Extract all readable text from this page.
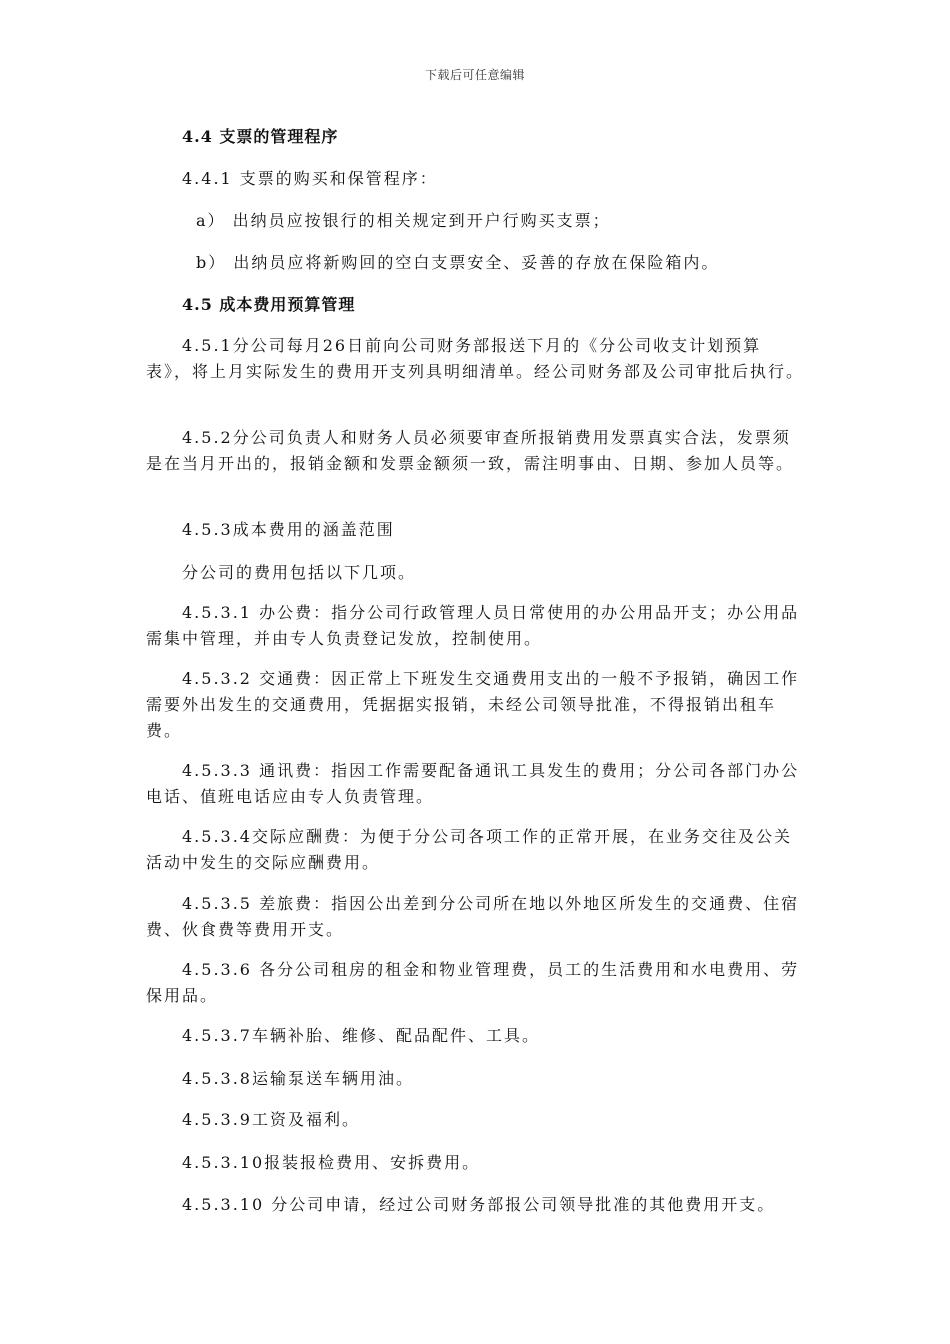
下载后可任意编辑

4.4 支票的管理程序

4.4.1 支票的购买和保管程序：

a） 出纳员应按银行的相关规定到开户行购买支票；

b） 出纳员应将新购回的空白支票安全、妥善的存放在保险箱内。

4.5 成本费用预算管理

4.5.1分公司每月26日前向公司财务部报送下月的《分公司收支计划预算表》，将上月实际发生的费用开支列具明细清单。经公司财务部及公司审批后执行。

4.5.2分公司负责人和财务人员必须要审查所报销费用发票真实合法，发票须是在当月开出的，报销金额和发票金额须一致，需注明事由、日期、参加人员等。

4.5.3成本费用的涵盖范围

分公司的费用包括以下几项。

4.5.3.1 办公费：指分公司行政管理人员日常使用的办公用品开支；办公用品需集中管理，并由专人负责登记发放，控制使用。

4.5.3.2 交通费：因正常上下班发生交通费用支出的一般不予报销，确因工作需要外出发生的交通费用，凭据据实报销，未经公司领导批准，不得报销出租车费。

4.5.3.3 通讯费：指因工作需要配备通讯工具发生的费用；分公司各部门办公电话、值班电话应由专人负责管理。

4.5.3.4交际应酬费：为便于分公司各项工作的正常开展，在业务交往及公关活动中发生的交际应酬费用。

4.5.3.5 差旅费：指因公出差到分公司所在地以外地区所发生的交通费、住宿费、伙食费等费用开支。

4.5.3.6 各分公司租房的租金和物业管理费，员工的生活费用和水电费用、劳保用品。

4.5.3.7车辆补胎、维修、配品配件、工具。

4.5.3.8运输泵送车辆用油。

4.5.3.9工资及福利。

4.5.3.10报装报检费用、安拆费用。

4.5.3.10 分公司申请，经过公司财务部报公司领导批准的其他费用开支。
